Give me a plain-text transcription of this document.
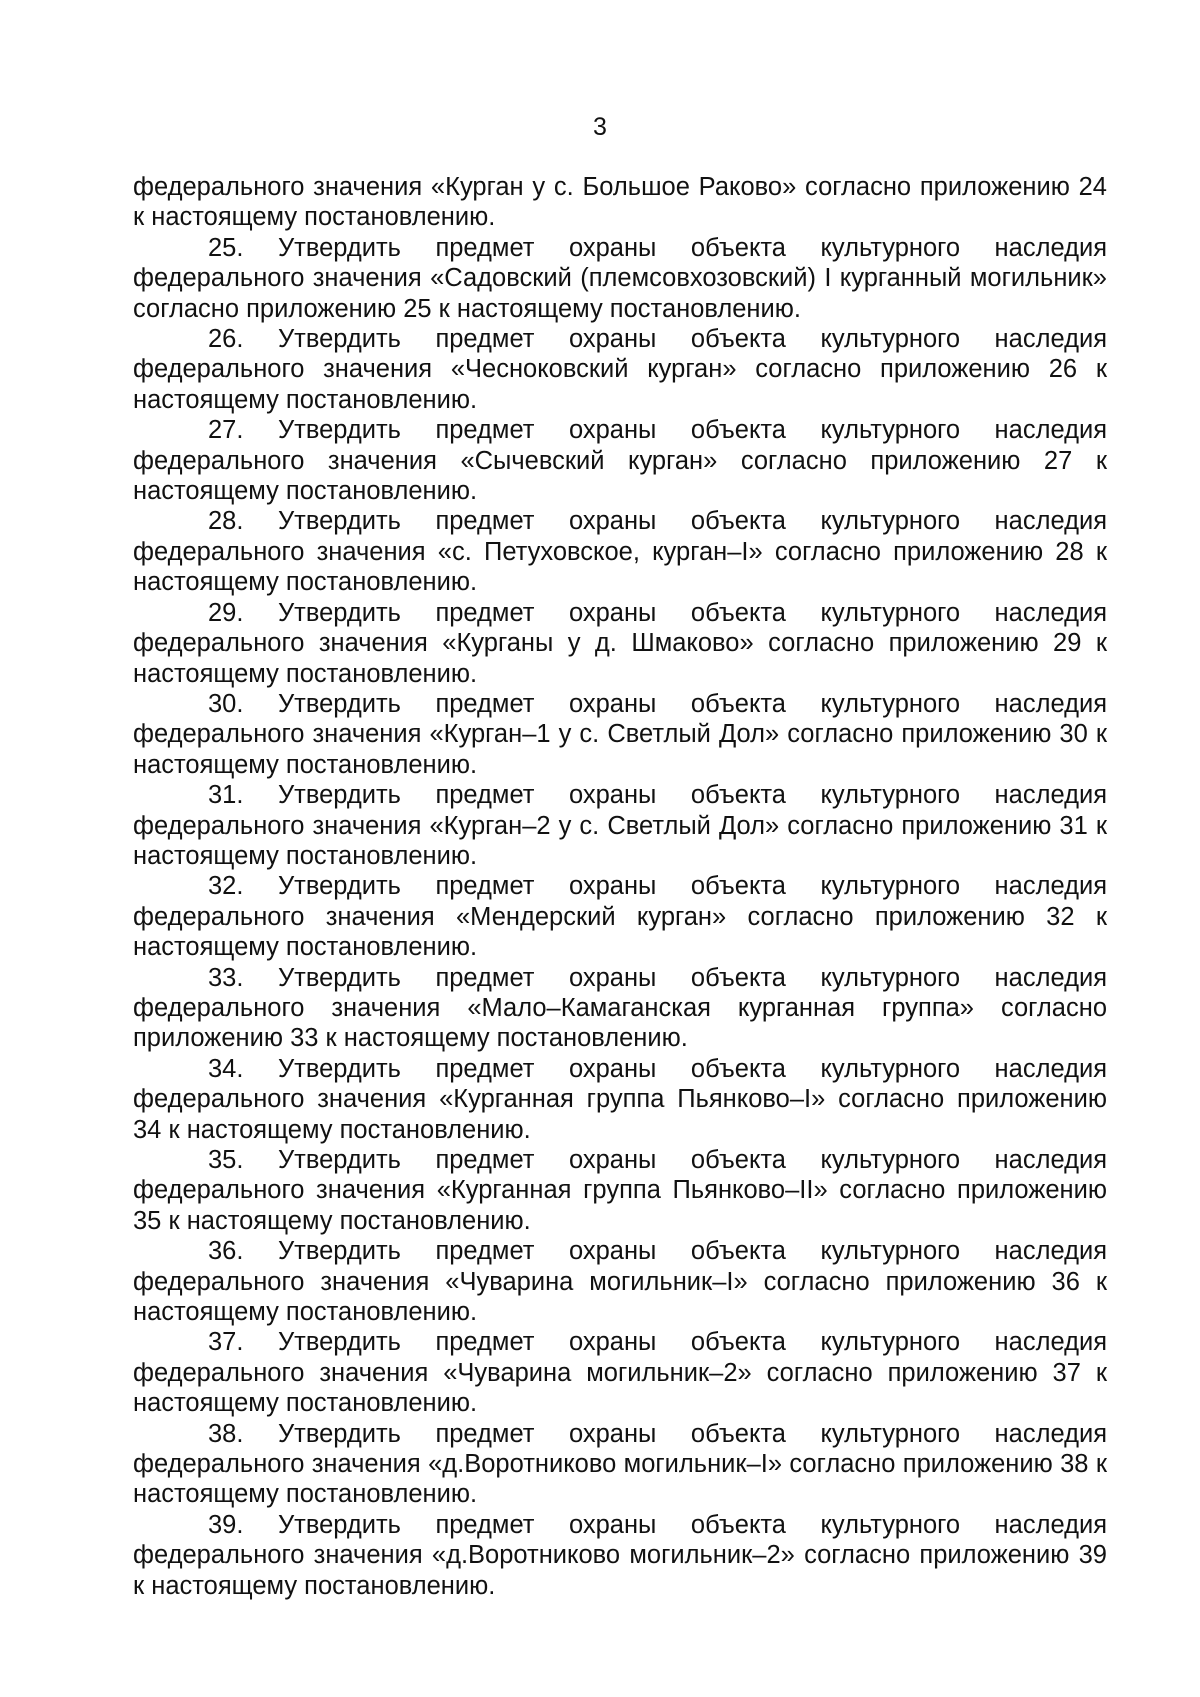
3

федерального значения «Курган у с. Большое Раково» согласно приложению 24 к настоящему постановлению.

25. Утвердить предмет охраны объекта культурного наследия федерального значения «Садовский (племсовхозовский) I курганный могильник» согласно приложению 25 к настоящему постановлению.

26. Утвердить предмет охраны объекта культурного наследия федерального значения «Чесноковский курган» согласно приложению 26 к настоящему постановлению.

27. Утвердить предмет охраны объекта культурного наследия федерального значения «Сычевский курган» согласно приложению 27 к настоящему постановлению.

28. Утвердить предмет охраны объекта культурного наследия федерального значения «с. Петуховское, курган–I» согласно приложению 28 к настоящему постановлению.

29. Утвердить предмет охраны объекта культурного наследия федерального значения «Курганы у д. Шмаково» согласно приложению 29 к настоящему постановлению.

30. Утвердить предмет охраны объекта культурного наследия федерального значения «Курган–1 у с. Светлый Дол» согласно приложению 30 к настоящему постановлению.

31. Утвердить предмет охраны объекта культурного наследия федерального значения «Курган–2 у с. Светлый Дол» согласно приложению 31 к настоящему постановлению.

32. Утвердить предмет охраны объекта культурного наследия федерального значения «Мендерский курган» согласно приложению 32 к настоящему постановлению.

33. Утвердить предмет охраны объекта культурного наследия федерального значения «Мало–Камаганская курганная группа» согласно приложению 33 к настоящему постановлению.

34. Утвердить предмет охраны объекта культурного наследия федерального значения «Курганная группа Пьянково–I» согласно приложению 34 к настоящему постановлению.

35. Утвердить предмет охраны объекта культурного наследия федерального значения «Курганная группа Пьянково–II» согласно приложению 35 к настоящему постановлению.

36. Утвердить предмет охраны объекта культурного наследия федерального значения «Чуварина могильник–I» согласно приложению 36 к настоящему постановлению.

37. Утвердить предмет охраны объекта культурного наследия федерального значения «Чуварина могильник–2» согласно приложению 37 к настоящему постановлению.

38. Утвердить предмет охраны объекта культурного наследия федерального значения «д.Воротниково могильник–I» согласно приложению 38 к настоящему постановлению.

39. Утвердить предмет охраны объекта культурного наследия федерального значения «д.Воротниково могильник–2» согласно приложению 39 к настоящему постановлению.
